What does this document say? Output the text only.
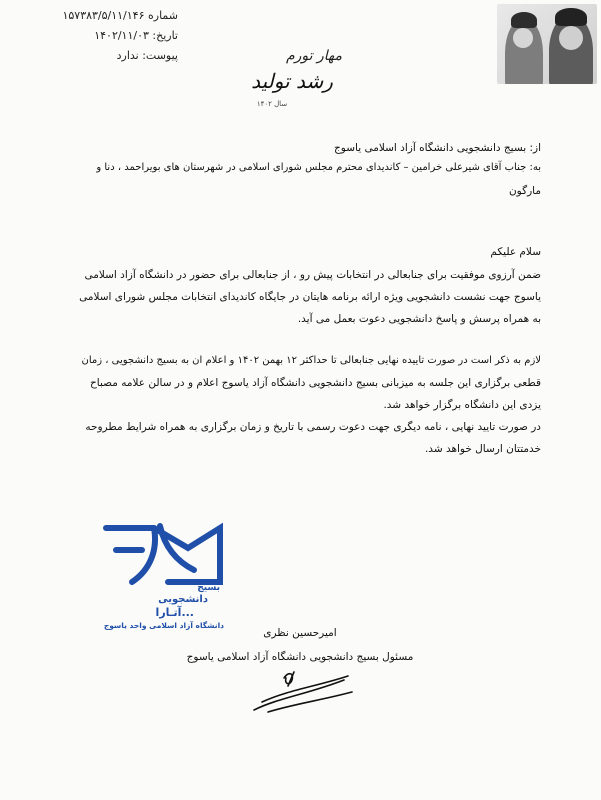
شماره ۱۵۷۳۸۳/۵/۱۱/۱۴۶
تاریخ: ۱۴۰۲/۱۱/۰۳
پیوست: ندارد	مهار تورم
رشد تولید
سال ۱۴۰۲
از: بسیج دانشجویی دانشگاه آزاد اسلامی یاسوج
به: جناب آقای شیرعلی خرامین – کاندیدای محترم مجلس شورای اسلامی در شهرستان های بویراحمد ، دنا و
مارگون
سلام علیکم
ضمن آرزوی موفقیت برای جنابعالی در انتخابات پیش رو ، از جنابعالی برای حضور در دانشگاه آزاد اسلامی
یاسوج جهت نشست دانشجویی ویژه ارائه برنامه هایتان در جایگاه کاندیدای انتخابات مجلس شورای اسلامی
به همراه پرسش و پاسخ دانشجویی دعوت بعمل می آید.
لازم به ذکر است در صورت تاییده نهایی جنابعالی تا حداکثر ۱۲ بهمن ۱۴۰۲ و اعلام ان به بسیج دانشجویی ، زمان
قطعی برگزاری این جلسه به میزبانی بسیج دانشجویی دانشگاه آزاد یاسوج اعلام و در سالن علامه مصباح
یزدی این دانشگاه برگزار خواهد شد.
در صورت تایید نهایی ، نامه دیگری جهت دعوت رسمی با تاریخ و زمان برگزاری به همراه شرایط مطروحه
خدمتتان ارسال خواهد شد.
بسیج
دانشجویی
آتـارا...
دانشگاه آزاد اسلامی واحد یاسوج
امیرحسین نظری
مسئول بسیج دانشجویی دانشگاه آزاد اسلامی یاسوج
